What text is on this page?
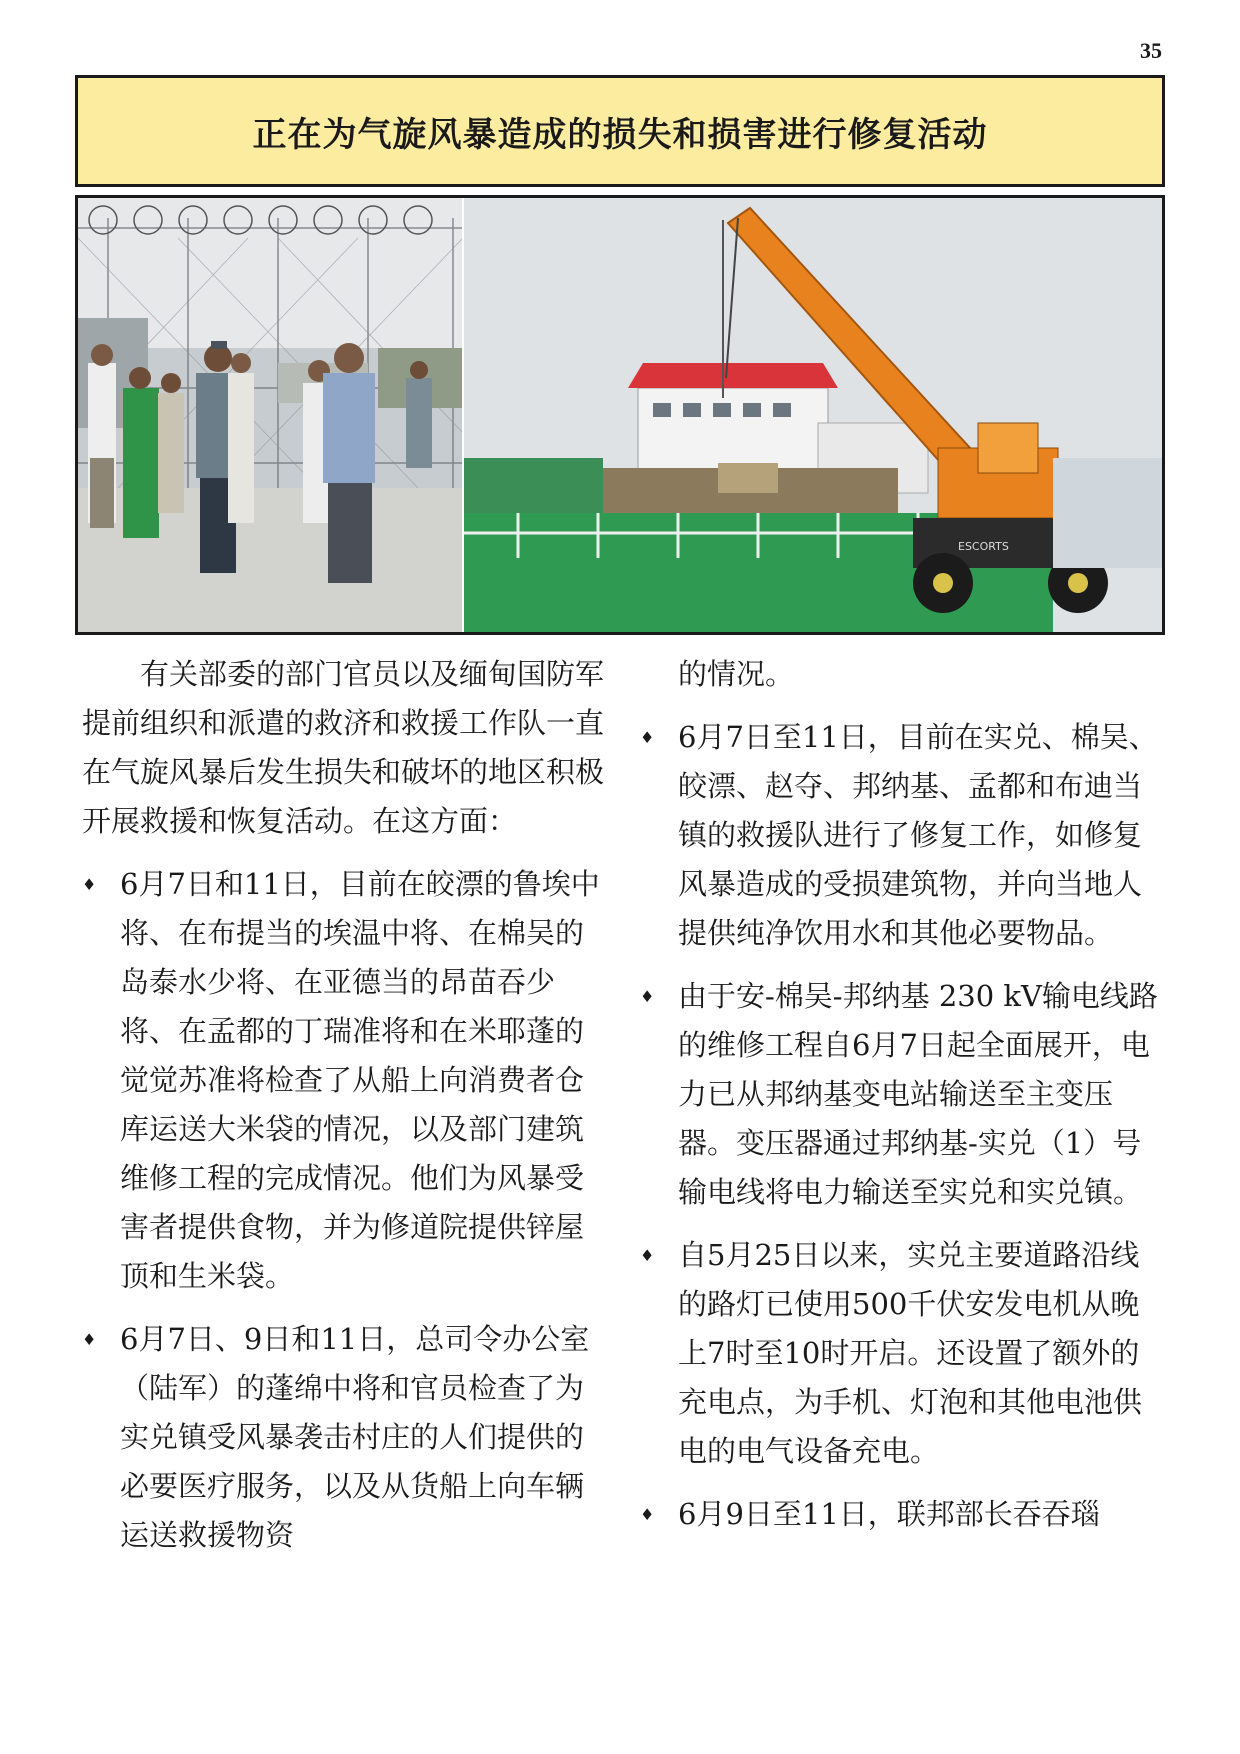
35
正在为气旋风暴造成的损失和损害进行修复活动
ESCORTS

有关部委的部门官员以及缅甸国防军提前组织和派遣的救济和救援工作队一直在气旋风暴后发生损失和破坏的地区积极开展救援和恢复活动。在这方面：

♦ 6月7日和11日，目前在皎漂的鲁埃中将、在布提当的埃温中将、在棉吴的岛泰水少将、在亚德当的昂苗吞少将、在孟都的丁瑞准将和在米耶蓬的觉觉苏准将检查了从船上向消费者仓库运送大米袋的情况，以及部门建筑维修工程的完成情况。他们为风暴受害者提供食物，并为修道院提供锌屋顶和生米袋。
♦ 6月7日、9日和11日，总司令办公室（陆军）的蓬绵中将和官员检查了为实兑镇受风暴袭击村庄的人们提供的必要医疗服务，以及从货船上向车辆运送救援物资

的情况。

♦ 6月7日至11日，目前在实兑、棉吴、皎漂、赵夺、邦纳基、孟都和布迪当镇的救援队进行了修复工作，如修复风暴造成的受损建筑物，并向当地人提供纯净饮用水和其他必要物品。
♦ 由于安-棉吴-邦纳基 230 kV输电线路的维修工程自6月7日起全面展开，电力已从邦纳基变电站输送至主变压器。变压器通过邦纳基-实兑（1）号输电线将电力输送至实兑和实兑镇。
♦ 自5月25日以来，实兑主要道路沿线的路灯已使用500千伏安发电机从晚上7时至10时开启。还设置了额外的充电点，为手机、灯泡和其他电池供电的电气设备充电。
♦ 6月9日至11日，联邦部长吞吞瑙
